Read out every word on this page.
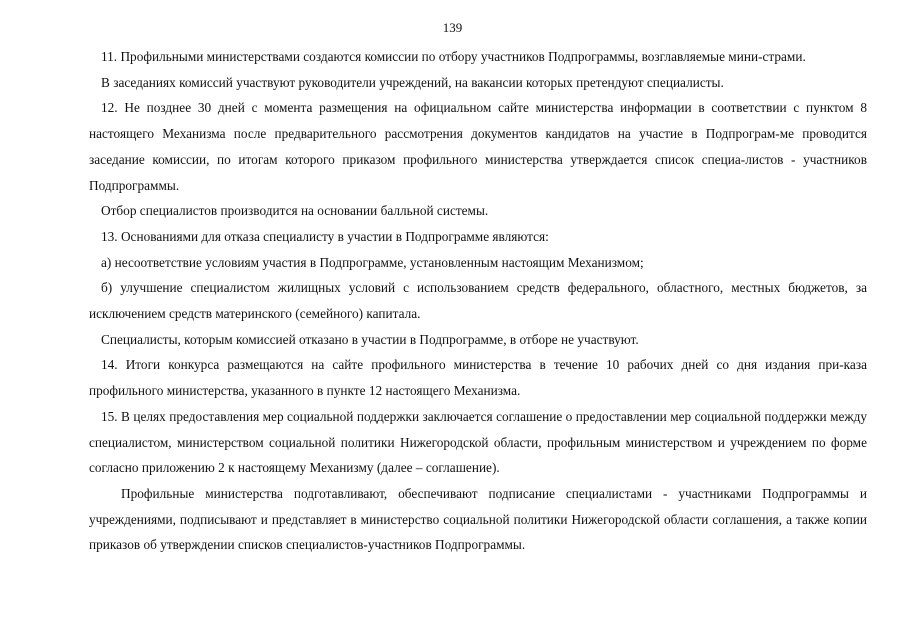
139

11. Профильными министерствами создаются комиссии по отбору участников Подпрограммы, возглавляемые мини-страми.

В заседаниях комиссий участвуют руководители учреждений, на вакансии которых претендуют специалисты.

12. Не позднее 30 дней с момента размещения на официальном сайте министерства информации в соответствии с пунктом 8 настоящего Механизма после предварительного рассмотрения документов кандидатов на участие в Подпрограм-ме проводится заседание комиссии, по итогам которого приказом профильного министерства утверждается список специа-листов - участников Подпрограммы.

Отбор специалистов производится на основании балльной системы.

13. Основаниями для отказа специалисту в участии в Подпрограмме являются:

а) несоответствие условиям участия в Подпрограмме, установленным настоящим Механизмом;

б) улучшение специалистом жилищных условий с использованием средств федерального, областного, местных бюджетов, за исключением средств материнского (семейного) капитала.

Специалисты, которым комиссией отказано в участии в Подпрограмме, в отборе не участвуют.

14. Итоги конкурса размещаются на сайте профильного министерства в течение 10 рабочих дней со дня издания при-каза профильного министерства, указанного в пункте 12 настоящего Механизма.

15. В целях предоставления мер социальной поддержки заключается соглашение о предоставлении мер социальной поддержки между специалистом, министерством социальной политики Нижегородской области, профильным министерством и учреждением по форме согласно приложению 2 к настоящему Механизму (далее – соглашение).

Профильные министерства подготавливают, обеспечивают подписание специалистами - участниками Подпрограммы и учреждениями, подписывают и представляет в министерство социальной политики Нижегородской области соглашения, а также копии приказов об утверждении списков специалистов-участников Подпрограммы.
